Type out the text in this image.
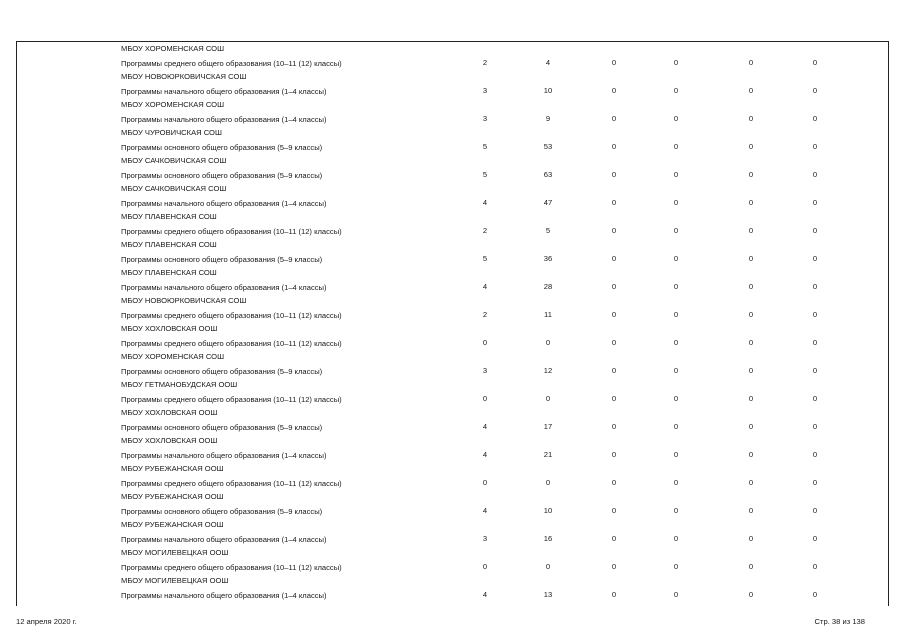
МБОУ ХОРОМЕНСКАЯ СОШ
Программы среднего общего образования (10–11 (12) классы)	2	4	0	0	0	0
МБОУ НОВОЮРКОВИЧСКАЯ СОШ
Программы начального общего образования (1–4 классы)	3	10	0	0	0	0
МБОУ ХОРОМЕНСКАЯ СОШ
Программы начального общего образования (1–4 классы)	3	9	0	0	0	0
МБОУ ЧУРОВИЧСКАЯ СОШ
Программы основного общего образования (5–9 классы)	5	53	0	0	0	0
МБОУ САЧКОВИЧСКАЯ СОШ
Программы основного общего образования (5–9 классы)	5	63	0	0	0	0
МБОУ САЧКОВИЧСКАЯ СОШ
Программы начального общего образования (1–4 классы)	4	47	0	0	0	0
МБОУ ПЛАВЕНСКАЯ СОШ
Программы среднего общего образования (10–11 (12) классы)	2	5	0	0	0	0
МБОУ ПЛАВЕНСКАЯ СОШ
Программы основного общего образования (5–9 классы)	5	36	0	0	0	0
МБОУ ПЛАВЕНСКАЯ СОШ
Программы начального общего образования (1–4 классы)	4	28	0	0	0	0
МБОУ НОВОЮРКОВИЧСКАЯ СОШ
Программы среднего общего образования (10–11 (12) классы)	2	11	0	0	0	0
МБОУ ХОХЛОВСКАЯ ООШ
Программы среднего общего образования (10–11 (12) классы)	0	0	0	0	0	0
МБОУ ХОРОМЕНСКАЯ СОШ
Программы основного общего образования (5–9 классы)	3	12	0	0	0	0
МБОУ ГЕТМАНОБУДСКАЯ ООШ
Программы среднего общего образования (10–11 (12) классы)	0	0	0	0	0	0
МБОУ ХОХЛОВСКАЯ ООШ
Программы основного общего образования (5–9 классы)	4	17	0	0	0	0
МБОУ ХОХЛОВСКАЯ ООШ
Программы начального общего образования (1–4 классы)	4	21	0	0	0	0
МБОУ РУБЕЖАНСКАЯ ООШ
Программы среднего общего образования (10–11 (12) классы)	0	0	0	0	0	0
МБОУ РУБЕЖАНСКАЯ ООШ
Программы основного общего образования (5–9 классы)	4	10	0	0	0	0
МБОУ РУБЕЖАНСКАЯ ООШ
Программы начального общего образования (1–4 классы)	3	16	0	0	0	0
МБОУ МОГИЛЕВЕЦКАЯ ООШ
Программы среднего общего образования (10–11 (12) классы)	0	0	0	0	0	0
МБОУ МОГИЛЕВЕЦКАЯ ООШ
Программы начального общего образования (1–4 классы)	4	13	0	0	0	0
12 апреля 2020 г.	Стр. 38 из 138
